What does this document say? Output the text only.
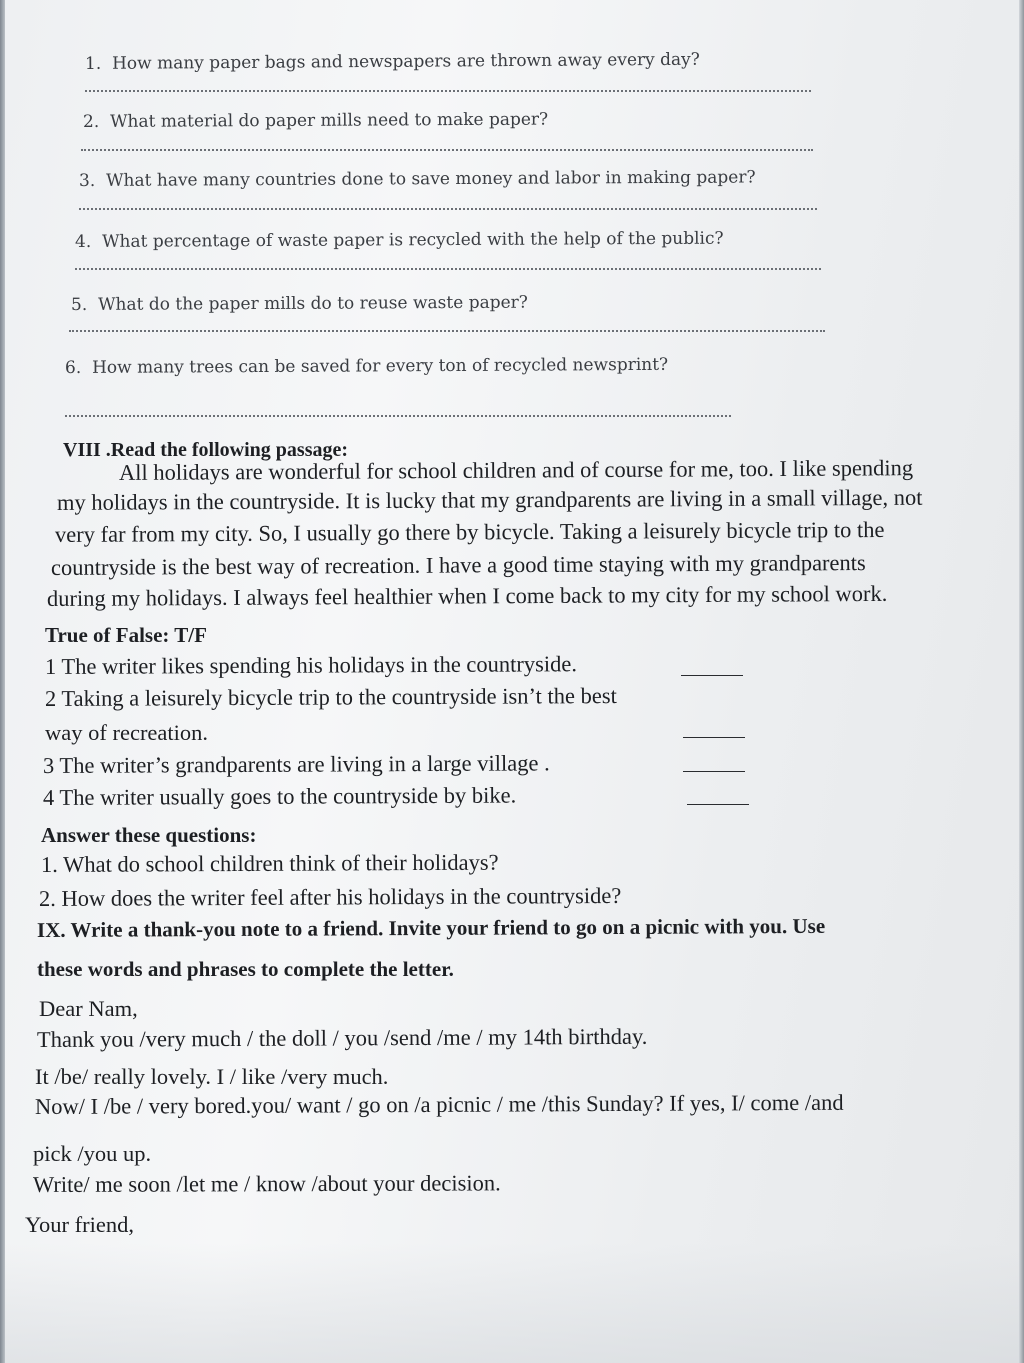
1. How many paper bags and newspapers are thrown away every day?
2. What material do paper mills need to make paper?
3. What have many countries done to save money and labor in making paper?
4. What percentage of waste paper is recycled with the help of the public?
5. What do the paper mills do to reuse waste paper?
6. How many trees can be saved for every ton of recycled newsprint?
VIII .Read the following passage:
All holidays are wonderful for school children and of course for me, too. I like spending
my holidays in the countryside. It is lucky that my grandparents are living in a small village, not
very far from my city. So, I usually go there by bicycle. Taking a leisurely bicycle trip to the
countryside is the best way of recreation. I have a good time staying with my grandparents
during my holidays. I always feel healthier when I come back to my city for my school work.
True of False: T/F
1 The writer likes spending his holidays in the countryside.
2 Taking a leisurely bicycle trip to the countryside isn’t the best
way of recreation.
3 The writer’s grandparents are living in a large village .
4 The writer usually goes to the countryside by bike.
Answer these questions:
1. What do school children think of their holidays?
2. How does the writer feel after his holidays in the countryside?
IX. Write a thank-you note to a friend. Invite your friend to go on a picnic with you. Use
these words and phrases to complete the letter.
Dear Nam,
Thank you /very much / the doll / you /send /me / my 14th birthday.
It /be/ really lovely. I / like /very much.
Now/ I /be / very bored.you/ want / go on /a picnic / me /this Sunday? If yes, I/ come /and
pick /you up.
Write/ me soon /let me / know /about your decision.
Your friend,
